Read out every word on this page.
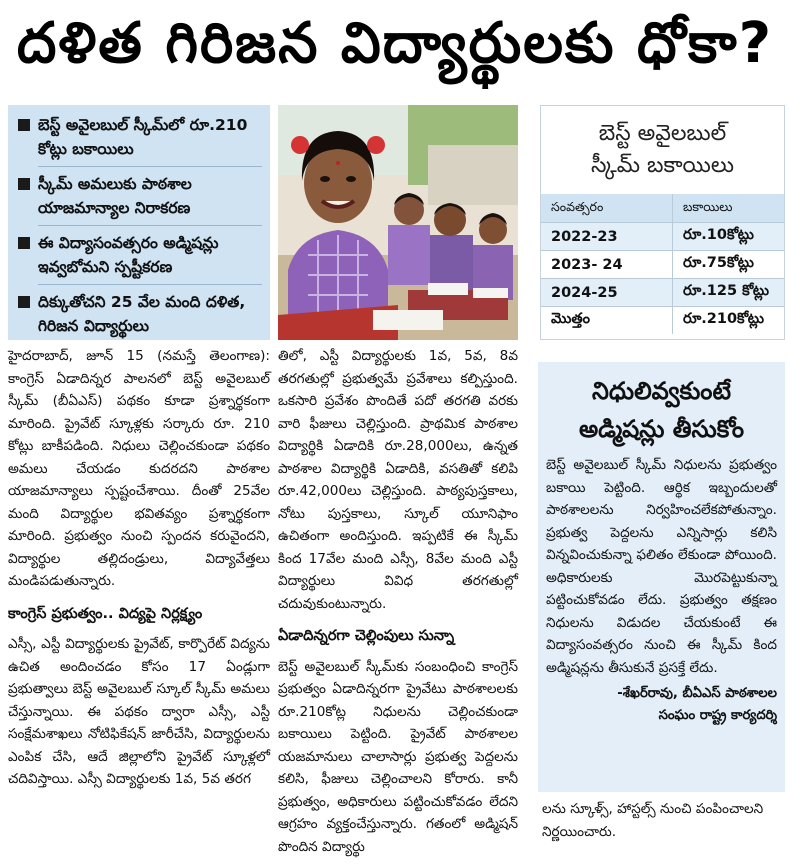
దళిత గిరిజన విద్యార్థులకు ధోకా?
బెస్ట్ అవైలబుల్ స్కీమ్‌లో రూ.210 కోట్లు బకాయిలు
స్కీమ్ అమలుకు పాఠశాల యాజమాన్యాల నిరాకరణ
ఈ విద్యాసంవత్సరం అడ్మిషన్లు ఇవ్వబోమని స్పష్టీకరణ
దిక్కుతోచని 25 వేల మంది దళిత, గిరిజన విద్యార్థులు
బెస్ట్ అవైలబుల్
స్కీమ్ బకాయిలు
సంవత్సరం	బకాయిలు
2022-23	రూ.10కోట్లు
2023- 24	రూ.75కోట్లు
2024-25	రూ.125 కోట్లు
మొత్తం	రూ.210కోట్లు

హైదరాబాద్, జూన్ 15 (నమస్తే తెలంగాణ): కాంగ్రెస్ ఏడాదిన్నర పాలనలో బెస్ట్ అవైలబుల్ స్కీమ్ (బీఏఎస్) పథకం కూడా ప్రశ్నార్థకంగా మారింది. ప్రైవేట్ స్కూళ్లకు సర్కారు రూ. 210 కోట్లు బాకీపడింది. నిధులు చెల్లించకుండా పథకం అమలు చేయడం కుదరదని పాఠశాల యాజమాన్యాలు స్పష్టంచేశాయి. దీంతో 25వేల మంది విద్యార్థుల భవితవ్యం ప్రశ్నార్థకంగా మారింది. ప్రభుత్వం నుంచి స్పందన కరువైందని, విద్యార్థుల తల్లిదండ్రులు, విద్యావేత్తలు మండిపడుతున్నారు.

కాంగ్రెస్ ప్రభుత్వం.. విద్యపై నిర్లక్ష్యం

ఎస్సీ, ఎస్టీ విద్యార్థులకు ప్రైవేట్, కార్పొరేట్ విద్యను ఉచిత అందించడం కోసం 17 ఏండ్లుగా ప్రభుత్వాలు బెస్ట్ అవైలబుల్ స్కూల్ స్కీమ్ అమలు చేస్తున్నాయి. ఈ పథకం ద్వారా ఎస్సీ, ఎస్టీ సంక్షేమశాఖలు నోటిఫికేషన్ జారీచేసి, విద్యార్థులను ఎంపిక చేసి, ఆదే జిల్లాలోని ప్రైవేట్ స్కూళ్లలో చదివిస్తాయి. ఎస్సీ విద్యార్థులకు 1వ, 5వ తరగ

తిలో, ఎస్టీ విద్యార్థులకు 1వ, 5వ, 8వ తరగతుల్లో ప్రభుత్వమే ప్రవేశాలు కల్పిస్తుంది. ఒకసారి ప్రవేశం పొందితే పదో తరగతి వరకు వారి ఫీజులు చెల్లిస్తుంది. ప్రాథమిక పాఠశాల విద్యార్థికి ఏడాదికి రూ.28,000లు, ఉన్నత పాఠశాల విద్యార్థికి ఏడాదికి, వసతితో కలిపి రూ.42,000లు చెల్లిస్తుంది. పాఠ్యపుస్తకాలు, నోటు పుస్తకాలు, స్కూల్ యూనిఫాం ఉచితంగా అందిస్తుంది. ఇప్పటికే ఈ స్కీమ్ కింద 17వేల మంది ఎస్సీ, 8వేల మంది ఎస్టీ విద్యార్థులు వివిధ తరగతుల్లో చదువుకుంటున్నారు.

ఏడాదిన్నరగా చెల్లింపులు సున్నా

బెస్ట్ అవైలబుల్ స్కీమ్‌కు సంబంధించి కాంగ్రెస్ ప్రభుత్వం ఏడాదిన్నరగా ప్రైవేటు పాఠశాలలకు రూ.210కోట్ల నిధులను చెల్లించకుండా బకాయిలు పెట్టింది. ప్రైవేట్ పాఠశాలల యజమానులు చాలాసార్లు ప్రభుత్వ పెద్దలను కలిసి, ఫీజులు చెల్లించాలని కోరారు. కానీ ప్రభుత్వం, అధికారులు పట్టించుకోవడం లేదని ఆగ్రహం వ్యక్తంచేస్తున్నారు. గతంలో అడ్మిషన్ పొందిన విద్యార్థు

నిధులివ్వకుంటే
అడ్మిషన్లు తీసుకోం
బెస్ట్ అవైలబుల్ స్కీమ్ నిధులను ప్రభుత్వం బకాయి పెట్టింది. ఆర్థిక ఇబ్బందులతో పాఠశాలలను నిర్వహించలేకపోతున్నాం. ప్రభుత్వ పెద్దలను ఎన్నిసార్లు కలిసి విన్నవించుకున్నా ఫలితం లేకుండా పోయింది. అధికారులకు మొరపెట్టుకున్నా పట్టించుకోవడం లేదు. ప్రభుత్వం తక్షణం నిధులను విడుదల చేయకుంటే ఈ విద్యాసంవత్సరం నుంచి ఈ స్కీమ్ కింద అడ్మిషన్లను తీసుకునే ప్రసక్తే లేదు.
-శేఖర్‌రావు, బీఏఎస్ పాఠశాలల
సంఘం రాష్ట్ర కార్యదర్శి
లను స్కూళ్స్, హాస్టల్స్ నుంచి పంపించాలని నిర్ణయించారు.
